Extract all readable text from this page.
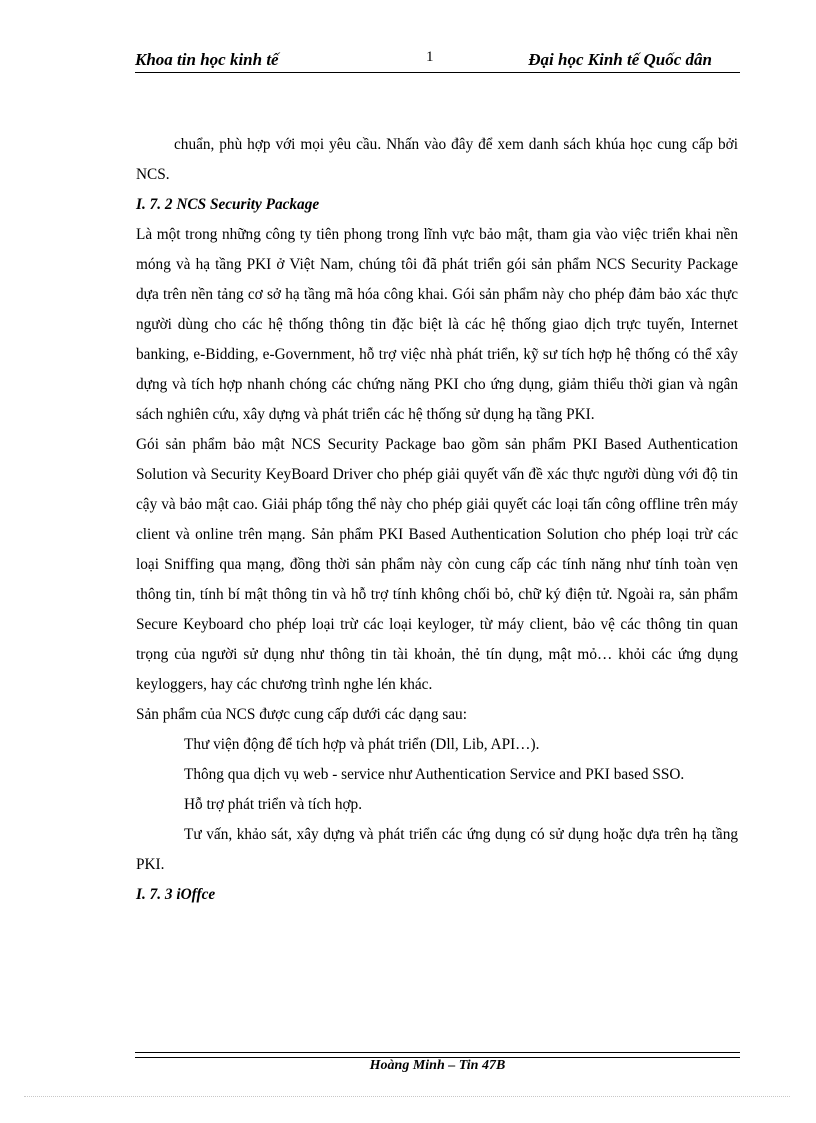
Khoa tin học kinh tế	1	Đại học Kinh tế Quốc dân

chuẩn, phù hợp với mọi yêu cầu. Nhấn vào đây để xem danh sách khúa học cung cấp bởi NCS.

I. 7. 2 NCS Security Package

Là một trong những công ty tiên phong trong lĩnh vực bảo mật, tham gia vào việc triển khai nền móng và hạ tầng PKI ở Việt Nam, chúng tôi đã phát triển gói sản phẩm NCS Security Package dựa trên nền tảng cơ sở hạ tầng mã hóa công khai. Gói sản phẩm này cho phép đảm bảo xác thực người dùng cho các hệ thống thông tin đặc biệt là các hệ thống giao dịch trực tuyến, Internet banking, e-Bidding, e-Government, hỗ trợ việc nhà phát triển, kỹ sư tích hợp hệ thống có thể xây dựng và tích hợp nhanh chóng các chứng năng PKI cho ứng dụng, giảm thiểu thời gian và ngân sách nghiên cứu, xây dựng và phát triển các hệ thống sử dụng hạ tầng PKI.

Gói sản phẩm bảo mật NCS Security Package bao gồm sản phẩm PKI Based Authentication Solution và Security KeyBoard Driver cho phép giải quyết vấn đề xác thực người dùng với độ tin cậy và bảo mật cao. Giải pháp tổng thể này cho phép giải quyết các loại tấn công offline trên máy client và online trên mạng. Sản phẩm PKI Based Authentication Solution cho phép loại trừ các loại Sniffing qua mạng, đồng thời sản phẩm này còn cung cấp các tính năng như tính toàn vẹn thông tin, tính bí mật thông tin và hỗ trợ tính không chối bỏ, chữ ký điện tử. Ngoài ra, sản phẩm Secure Keyboard cho phép loại trừ các loại keyloger, từ máy client, bảo vệ các thông tin quan trọng của người sử dụng như thông tin tài khoản, thẻ tín dụng, mật mỏ… khỏi các ứng dụng keyloggers, hay các chương trình nghe lén khác.

Sản phẩm của NCS được cung cấp dưới các dạng sau:

Thư viện động để tích hợp và phát triển (Dll, Lib, API…).

Thông qua dịch vụ web - service như Authentication Service and PKI based SSO.

Hỗ trợ phát triển và tích hợp.

Tư vấn, khảo sát, xây dựng và phát triển các ứng dụng có sử dụng hoặc dựa trên hạ tầng PKI.

I. 7. 3 iOffce

Hoàng Minh – Tin 47B
